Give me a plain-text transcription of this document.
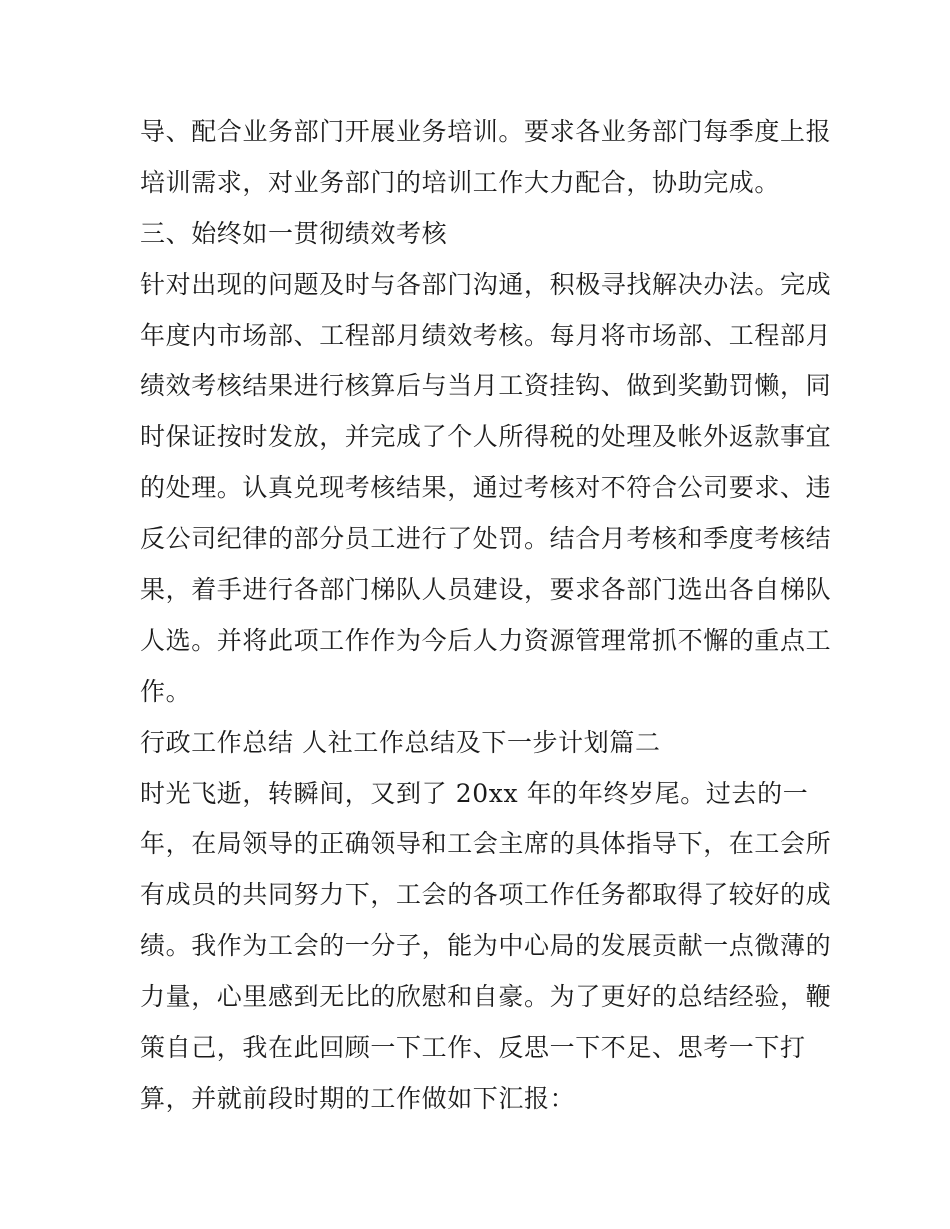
导、配合业务部门开展业务培训。要求各业务部门每季度上报
培训需求，对业务部门的培训工作大力配合，协助完成。
三、始终如一贯彻绩效考核
针对出现的问题及时与各部门沟通，积极寻找解决办法。完成
年度内市场部、工程部月绩效考核。每月将市场部、工程部月
绩效考核结果进行核算后与当月工资挂钩、做到奖勤罚懒，同
时保证按时发放，并完成了个人所得税的处理及帐外返款事宜
的处理。认真兑现考核结果，通过考核对不符合公司要求、违
反公司纪律的部分员工进行了处罚。结合月考核和季度考核结
果，着手进行各部门梯队人员建设，要求各部门选出各自梯队
人选。并将此项工作作为今后人力资源管理常抓不懈的重点工
作。
行政工作总结 人社工作总结及下一步计划篇二
时光飞逝，转瞬间，又到了 20xx 年的年终岁尾。过去的一
年，在局领导的正确领导和工会主席的具体指导下，在工会所
有成员的共同努力下，工会的各项工作任务都取得了较好的成
绩。我作为工会的一分子，能为中心局的发展贡献一点微薄的
力量，心里感到无比的欣慰和自豪。为了更好的总结经验，鞭
策自己，我在此回顾一下工作、反思一下不足、思考一下打
算，并就前段时期的工作做如下汇报：
